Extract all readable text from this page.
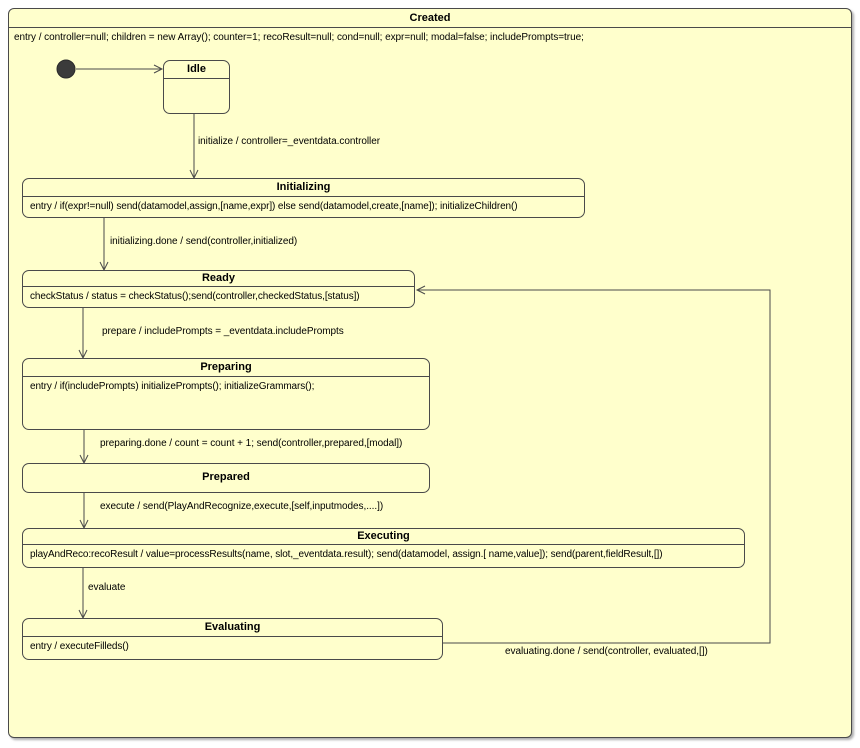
Created
entry / controller=null; children = new Array(); counter=1; recoResult=null; cond=null; expr=null; modal=false; includePrompts=true;
Idle
Initializing
entry / if(expr!=null) send(datamodel,assign,[name,expr]) else send(datamodel,create,[name]); initializeChildren()
Ready
checkStatus / status = checkStatus();send(controller,checkedStatus,[status])
Preparing
entry / if(includePrompts) initializePrompts(); initializeGrammars();
Prepared
Executing
playAndReco:recoResult / value=processResults(name, slot,_eventdata.result); send(datamodel, assign.[ name,value]); send(parent,fieldResult,[])
Evaluating
entry / executeFilleds()
initialize / controller=_eventdata.controller
initializing.done / send(controller,initialized)
prepare / includePrompts = _eventdata.includePrompts
preparing.done / count = count + 1; send(controller,prepared,[modal])
execute / send(PlayAndRecognize,execute,[self,inputmodes,....])
evaluate
evaluating.done / send(controller, evaluated,[])
